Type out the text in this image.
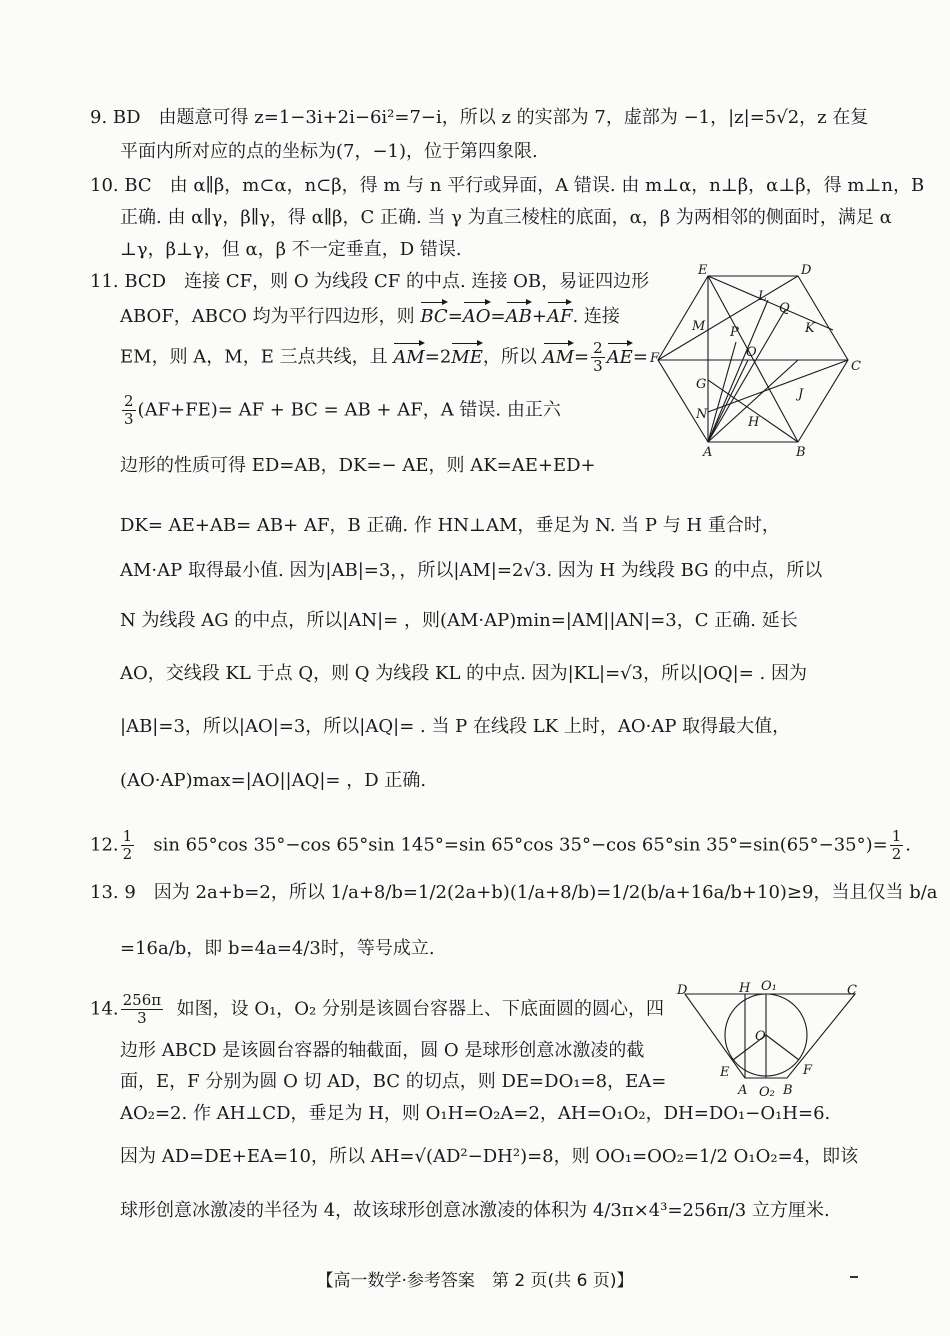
9. BD　由题意可得 z=1−3i+2i−6i²=7−i，所以 z 的实部为 7，虚部为 −1，|z|=5√2，z 在复
平面内所对应的点的坐标为(7，−1)，位于第四象限.
10. BC　由 α∥β，m⊂α，n⊂β，得 m 与 n 平行或异面，A 错误. 由 m⊥α，n⊥β，α⊥β，得 m⊥n，B
正确. 由 α∥γ，β∥γ，得 α∥β，C 正确. 当 γ 为直三棱柱的底面，α，β 为两相邻的侧面时，满足 α
⊥γ，β⊥γ，但 α，β 不一定垂直，D 错误.
11. BCD　连接 CF，则 O 为线段 CF 的中点. 连接 OB，易证四边形
ABOF，ABCO 均为平行四边形，则 BC=AO=AB+AF. 连接
EM，则 A，M，E 三点共线，且 AM=2ME，所以 $AM= \frac{2}{3} AE=$
$\frac{2}{3} (AF+FE)=$ AF + BC = AB + AF，A 错误. 由正六
边形的性质可得 ED=AB，DK=− AE，则 AK=AE+ED+
DK= AE+AB= AB+ AF，B 正确. 作 HN⊥AM，垂足为 N. 当 P 与 H 重合时，
AM·AP 取得最小值. 因为|AB|=3，，所以|AM|=2√3. 因为 H 为线段 BG 的中点，所以
N 为线段 AG 的中点，所以|AN|= ，则(AM·AP)min=|AM||AN|=3，C 正确. 延长
AO，交线段 KL 于点 Q，则 Q 为线段 KL 的中点. 因为|KL|=√3，所以|OQ|= . 因为
|AB|=3，所以|AO|=3，所以|AQ|= . 当 P 在线段 LK 上时，AO·AP 取得最大值，
(AO·AP)max=|AO||AQ|= ，D 正确.
12. $\frac{1}{2}$ sin 65°cos 35°−cos 65°sin 145°=sin 65°cos 35°−cos 65°sin $35^\circ=\sin(65^\circ-35^\circ)= \frac{1}{2}$ .
13. 9　因为 2a+b=2，所以 1/a+8/b=1/2(2a+b)(1/a+8/b)=1/2(b/a+16a/b+10)≥9，当且仅当 b/a
=16a/b，即 b=4a=4/3时，等号成立.
14. $\frac{256\pi}{3}$ 如图，设 O₁，O₂ 分别是该圆台容器上、下底面圆的圆心，四
边形 ABCD 是该圆台容器的轴截面，圆 O 是球形创意冰激凌的截
面，E，F 分别为圆 O 切 AD，BC 的切点，则 DE=DO₁=8，EA=
AO₂=2. 作 AH⊥CD，垂足为 H，则 O₁H=O₂A=2，AH=O₁O₂，DH=DO₁−O₁H=6.
因为 AD=DE+EA=10，所以 AH=√(AD²−DH²)=8，则 OO₁=OO₂=1/2 O₁O₂=4，即该
球形创意冰激凌的半径为 4，故该球形创意冰激凌的体积为 4/3π×4³=256π/3 立方厘米.
E	D
L
Q
K
M P
O
F
C
G
J
N
H
A	B
D	H O₁	C
O
E	F
A O₂ B
【高一数学·参考答案　第 2 页(共 6 页)】
